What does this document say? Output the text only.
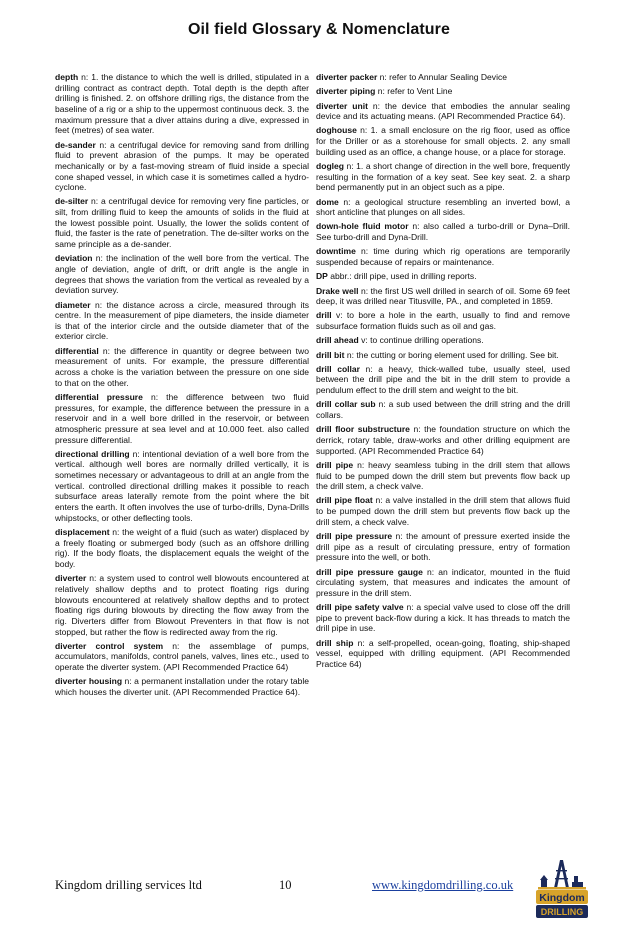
Oil field Glossary & Nomenclature

depth n: 1. the distance to which the well is drilled, stipulated in a drilling contract as contract depth. Total depth is the depth after drilling is finished. 2. on offshore drilling rigs, the distance from the baseline of a rig or a ship to the uppermost continuous deck. 3. the maximum pressure that a diver attains during a dive, expressed in feet (metres) of sea water.

de-sander n: a centrifugal device for removing sand from drilling fluid to prevent abrasion of the pumps. It may be operated mechanically or by a fast-moving stream of fluid inside a special cone shaped vessel, in which case it is sometimes called a hydro-cyclone.

de-silter n: a centrifugal device for removing very fine particles, or silt, from drilling fluid to keep the amounts of solids in the fluid at the lowest possible point. Usually, the lower the solids content of fluid, the faster is the rate of penetration. The de-silter works on the same principle as a de-sander.

deviation n: the inclination of the well bore from the vertical. The angle of deviation, angle of drift, or drift angle is the angle in degrees that shows the variation from the vertical as revealed by a deviation survey.

diameter n: the distance across a circle, measured through its centre. In the measurement of pipe diameters, the inside diameter is that of the interior circle and the outside diameter that of the exterior circle.

differential n: the difference in quantity or degree between two measurement of units. For example, the pressure differential across a choke is the variation between the pressure on one side to that on the other.

differential pressure n: the difference between two fluid pressures, for example, the difference between the pressure in a reservoir and in a well bore drilled in the reservoir, or between atmospheric pressure at sea level and at 10.000 feet. also called pressure differential.

directional drilling n: intentional deviation of a well bore from the vertical. although well bores are normally drilled vertically, it is sometimes necessary or advantageous to drill at an angle from the vertical. controlled directional drilling makes it possible to reach subsurface areas laterally remote from the point where the bit enters the earth. It often involves the use of turbo-drills, Dyna-Drills whipstocks, or other deflecting tools.

displacement n: the weight of a fluid (such as water) displaced by a freely floating or submerged body (such as an offshore drilling rig). If the body floats, the displacement equals the weight of the body.

diverter n: a system used to control well blowouts encountered at relatively shallow depths and to protect floating rigs during blowouts encountered at relatively shallow depths and to protect floating rigs during blowouts by directing the flow away from the rig. Diverters differ from Blowout Preventers in that flow is not stopped, but rather the flow is redirected away from the rig.

diverter control system n: the assemblage of pumps, accumulators, manifolds, control panels, valves, lines etc., used to operate the diverter system. (API Recommended Practice 64)

diverter housing n: a permanent installation under the rotary table which houses the diverter unit. (API Recommended Practice 64).

diverter packer n: refer to Annular Sealing Device

diverter piping n: refer to Vent Line

diverter unit n: the device that embodies the annular sealing device and its actuating means. (API Recommended Practice 64).

doghouse n: 1. a small enclosure on the rig floor, used as office for the Driller or as a storehouse for small objects. 2. any small building used as an office, a change house, or a place for storage.

dogleg n: 1. a short change of direction in the well bore, frequently resulting in the formation of a key seat. See key seat. 2. a sharp bend permanently put in an object such as a pipe.

dome n: a geological structure resembling an inverted bowl, a short anticline that plunges on all sides.

down-hole fluid motor n: also called a turbo-drill or Dyna–Drill. See turbo-drill and Dyna-Drill.

downtime n: time during which rig operations are temporarily suspended because of repairs or maintenance.

DP abbr.: drill pipe, used in drilling reports.

Drake well n: the first US well drilled in search of oil. Some 69 feet deep, it was drilled near Titusville, PA., and completed in 1859.

drill v: to bore a hole in the earth, usually to find and remove subsurface formation fluids such as oil and gas.

drill ahead v: to continue drilling operations.

drill bit n: the cutting or boring element used for drilling. See bit.

drill collar n: a heavy, thick-walled tube, usually steel, used between the drill pipe and the bit in the drill stem to provide a pendulum effect to the drill stem and weight to the bit.

drill collar sub n: a sub used between the drill string and the drill collars.

drill floor substructure n: the foundation structure on which the derrick, rotary table, draw-works and other drilling equipment are supported. (API Recommended Practice 64)

drill pipe n: heavy seamless tubing in the drill stem that allows fluid to be pumped down the drill stem but prevents flow back up the drill stem, a check valve.

drill pipe float n: a valve installed in the drill stem that allows fluid to be pumped down the drill stem but prevents flow back up the drill stem, a check valve.

drill pipe pressure n: the amount of pressure exerted inside the drill pipe as a result of circulating pressure, entry of formation pressure into the well, or both.

drill pipe pressure gauge n: an indicator, mounted in the fluid circulating system, that measures and indicates the amount of pressure in the drill stem.

drill pipe safety valve n: a special valve used to close off the drill pipe to prevent back-flow during a kick. It has threads to match the drill pipe in use.

drill ship n: a self-propelled, ocean-going, floating, ship-shaped vessel, equipped with drilling equipment. (API Recommended Practice 64)

Kingdom drilling services ltd	10	www.kingdomdrilling.co.uk
Kingdom
DRILLING
